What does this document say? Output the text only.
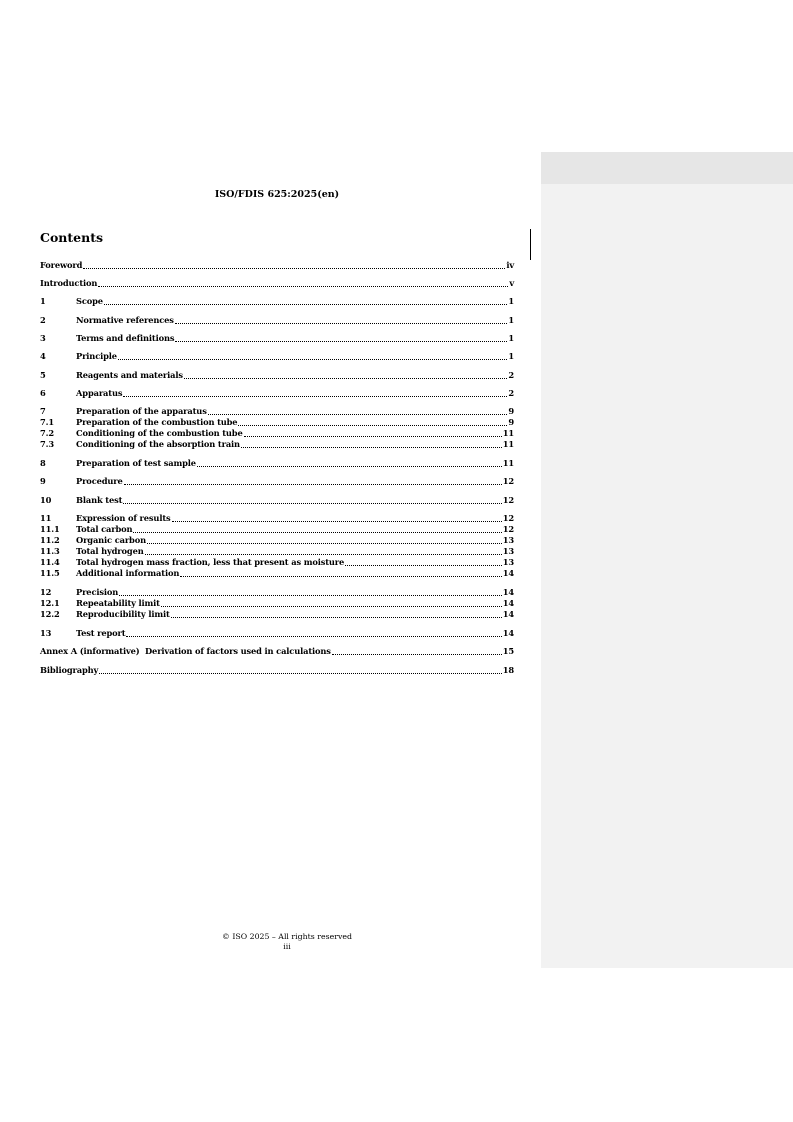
ISO/FDIS 625:2025(en)
Contents
Foreword	iv
Introduction	v
1	Scope	1
2	Normative references	1
3	Terms and definitions	1
4	Principle	1
5	Reagents and materials	2
6	Apparatus	2
7	Preparation of the apparatus	9
7.1	Preparation of the combustion tube	9
7.2	Conditioning of the combustion tube	11
7.3	Conditioning of the absorption train	11
8	Preparation of test sample	11
9	Procedure	12
10	Blank test	12
11	Expression of results	12
11.1	Total carbon	12
11.2	Organic carbon	13
11.3	Total hydrogen	13
11.4	Total hydrogen mass fraction, less that present as moisture	13
11.5	Additional information	14
12	Precision	14
12.1	Repeatability limit	14
12.2	Reproducibility limit	14
13	Test report	14
Annex A (informative)  Derivation of factors used in calculations	15
Bibliography	18
© ISO 2025 – All rights reserved
iii
